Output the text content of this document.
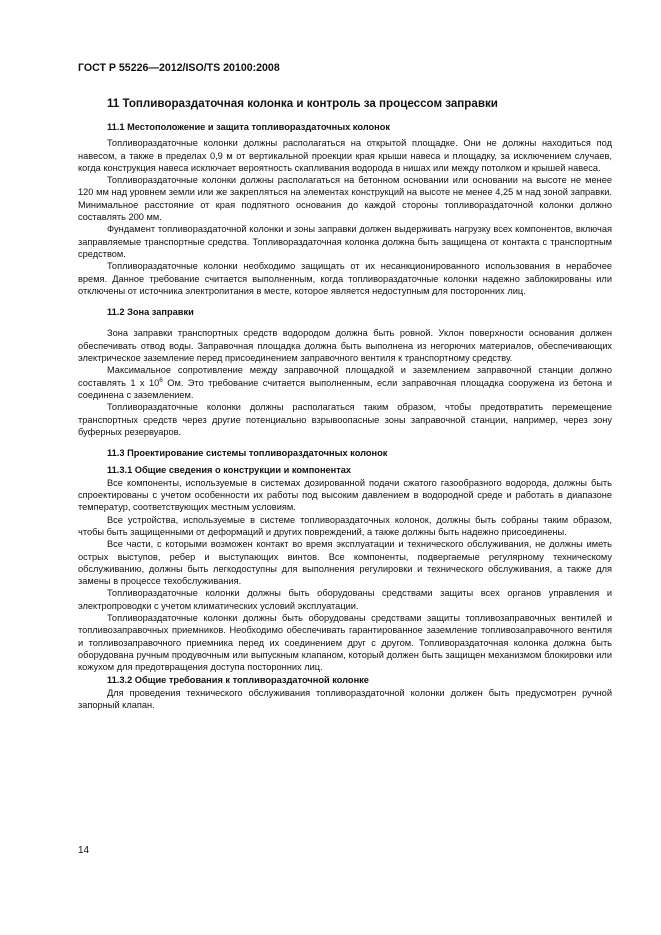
ГОСТ Р 55226—2012/ISO/TS 20100:2008
11 Топливораздаточная колонка и контроль за процессом заправки
11.1 Местоположение и защита топливораздаточных колонок
Топливораздаточные колонки должны располагаться на открытой площадке. Они не должны находиться под навесом, а также в пределах 0,9 м от вертикальной проекции края крыши навеса и площадку, за исключением случаев, когда конструкция навеса исключает вероятность скапливания водорода в нишах или между потолком и крышей навеса.
Топливораздаточные колонки должны располагаться на бетонном основании или основании на высоте не менее 120 мм над уровнем земли или же закрепляться на элементах конструкций на высоте не менее 4,25 м над зоной заправки. Минимальное расстояние от края подпятного основания до каждой стороны топливораздаточной колонки должно составлять 200 мм.
Фундамент топливораздаточной колонки и зоны заправки должен выдерживать нагрузку всех компонентов, включая заправляемые транспортные средства. Топливораздаточная колонка должна быть защищена от контакта с транспортным средством.
Топливораздаточные колонки необходимо защищать от их несанкционированного использования в нерабочее время. Данное требование считается выполненным, когда топливораздаточные колонки надежно заблокированы или отключены от источника электропитания в месте, которое является недоступным для посторонних лиц.
11.2 Зона заправки
Зона заправки транспортных средств водородом должна быть ровной. Уклон поверхности основания должен обеспечивать отвод воды. Заправочная площадка должна быть выполнена из негорючих материалов, обеспечивающих электрическое заземление перед присоединением заправочного вентиля к транспортному средству.
Максимальное сопротивление между заправочной площадкой и заземлением заправочной станции должно составлять 1 х $10^6$ Ом. Это требование считается выполненным, если заправочная площадка сооружена из бетона и соединена с заземлением.
Топливораздаточные колонки должны располагаться таким образом, чтобы предотвратить перемещение транспортных средств через другие потенциально взрывоопасные зоны заправочной станции, например, через зону буферных резервуаров.
11.3 Проектирование системы топливораздаточных колонок
11.3.1 Общие сведения о конструкции и компонентах
Все компоненты, используемые в системах дозированной подачи сжатого газообразного водорода, должны быть спроектированы с учетом особенности их работы под высоким давлением в водородной среде и работать в диапазоне температур, соответствующих местным условиям.
Все устройства, используемые в системе топливораздаточных колонок, должны быть собраны таким образом, чтобы быть защищенными от деформаций и других повреждений, а также должны быть надежно присоединены.
Все части, с которыми возможен контакт во время эксплуатации и технического обслуживания, не должны иметь острых выступов, ребер и выступающих винтов. Все компоненты, подвергаемые регулярному техническому обслуживанию, должны быть легкодоступны для выполнения регулировки и технического обслуживания, а также для замены в процессе техобслуживания.
Топливораздаточные колонки должны быть оборудованы средствами защиты всех органов управления и электропроводки с учетом климатических условий эксплуатации.
Топливораздаточные колонки должны быть оборудованы средствами защиты топливозаправочных вентилей и топливозаправочных приемников. Необходимо обеспечивать гарантированное заземление топливозаправочного вентиля и топливозаправочного приемника перед их соединением друг с другом. Топливораздаточная колонка должна быть оборудована ручным продувочным или выпускным клапаном, который должен быть защищен механизмом блокировки или кожухом для предотвращения доступа посторонних лиц.
11.3.2 Общие требования к топливораздаточной колонке
Для проведения технического обслуживания топливораздаточной колонки должен быть предусмотрен ручной запорный клапан.
14
